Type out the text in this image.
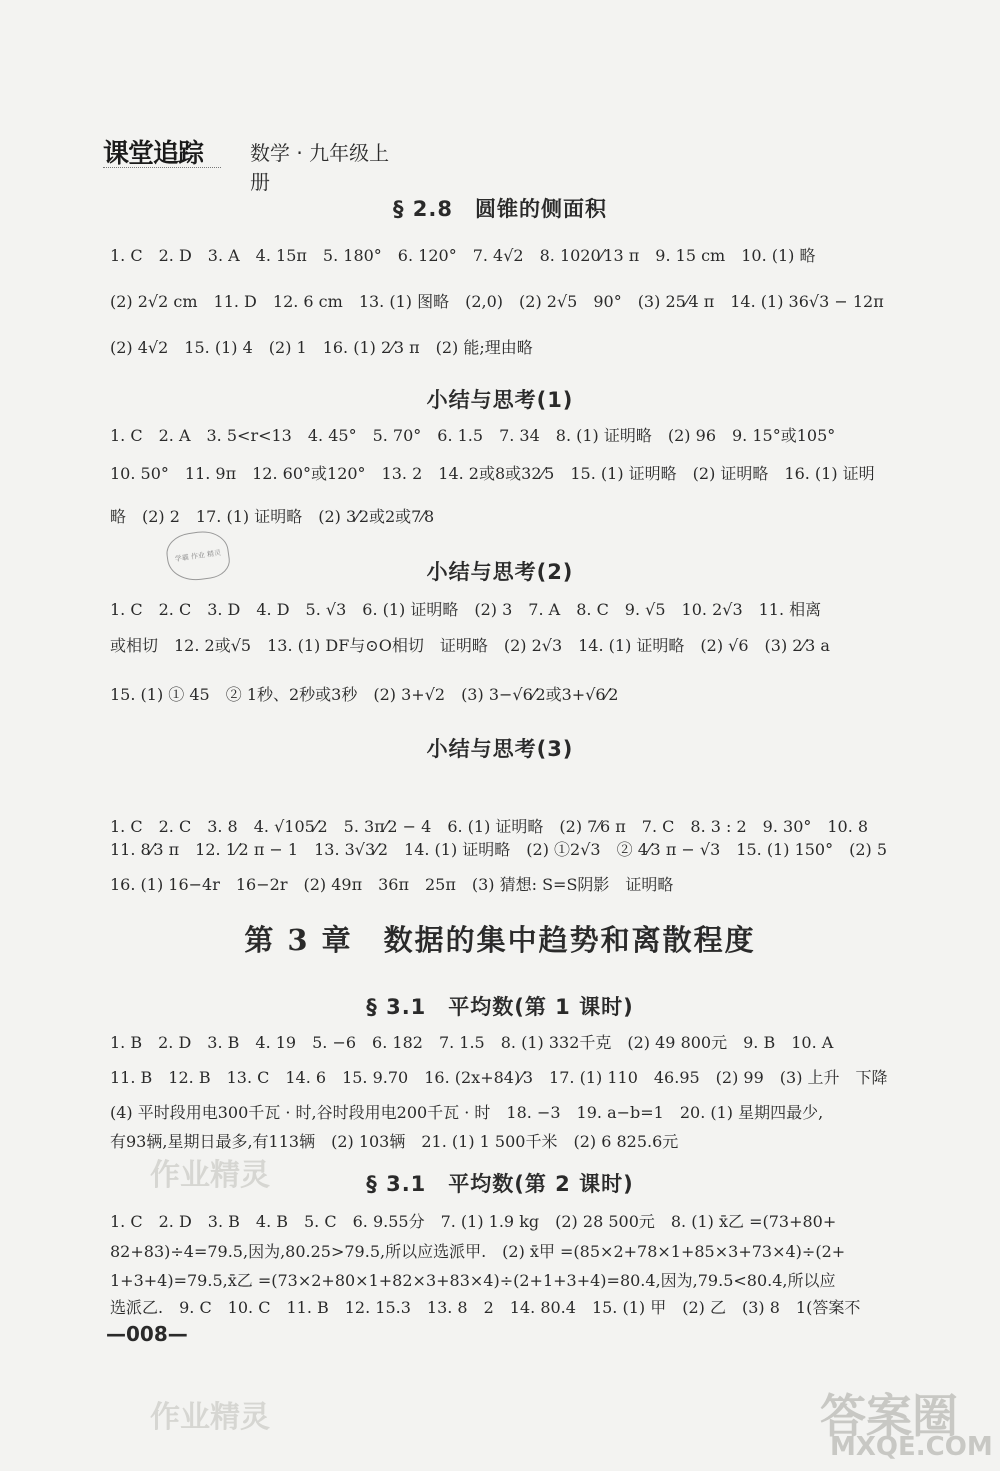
课堂追踪 数学 · 九年级上册
§ 2.8　圆锥的侧面积
1. C　2. D　3. A　4. 15π　5. 180°　6. 120°　7. 4√2　8. 1020⁄13 π　9. 15 cm　10. (1) 略
(2) 2√2 cm　11. D　12. 6 cm　13. (1) 图略　(2,0)　(2) 2√5　90°　(3) 25⁄4 π　14. (1) 36√3 − 12π
(2) 4√2　15. (1) 4　(2) 1　16. (1) 2⁄3 π　(2) 能;理由略
小结与思考(1)
1. C　2. A　3. 5<r<13　4. 45°　5. 70°　6. 1.5　7. 34　8. (1) 证明略　(2) 96　9. 15°或105°
10. 50°　11. 9π　12. 60°或120°　13. 2　14. 2或8或32⁄5　15. (1) 证明略　(2) 证明略　16. (1) 证明
略　(2) 2　17. (1) 证明略　(2) 3⁄2或2或7⁄8
学霸 作业 精灵
小结与思考(2)
1. C　2. C　3. D　4. D　5. √3　6. (1) 证明略　(2) 3　7. A　8. C　9. √5　10. 2√3　11. 相离
或相切　12. 2或√5　13. (1) DF与⊙O相切　证明略　(2) 2√3　14. (1) 证明略　(2) √6　(3) 2⁄3 a
15. (1) ① 45　② 1秒、2秒或3秒　(2) 3+√2　(3) 3−√6⁄2或3+√6⁄2
小结与思考(3)
1. C　2. C　3. 8　4. √105⁄2　5. 3π⁄2 − 4　6. (1) 证明略　(2) 7⁄6 π　7. C　8. 3 : 2　9. 30°　10. 8
11. 8⁄3 π　12. 1⁄2 π − 1　13. 3√3⁄2　14. (1) 证明略　(2) ①2√3　② 4⁄3 π − √3　15. (1) 150°　(2) 5
16. (1) 16−4r　16−2r　(2) 49π　36π　25π　(3) 猜想: S=S阴影　证明略
第 3 章　数据的集中趋势和离散程度
§ 3.1　平均数(第 1 课时)
1. B　2. D　3. B　4. 19　5. −6　6. 182　7. 1.5　8. (1) 332千克　(2) 49 800元　9. B　10. A
11. B　12. B　13. C　14. 6　15. 9.70　16. (2x+84)⁄3　17. (1) 110　46.95　(2) 99　(3) 上升　下降
(4) 平时段用电300千瓦 · 时,谷时段用电200千瓦 · 时　18. −3　19. a−b=1　20. (1) 星期四最少,
有93辆,星期日最多,有113辆　(2) 103辆　21. (1) 1 500千米　(2) 6 825.6元
§ 3.1　平均数(第 2 课时)
1. C　2. D　3. B　4. B　5. C　6. 9.55分　7. (1) 1.9 kg　(2) 28 500元　8. (1) x̄乙 =(73+80+
82+83)÷4=79.5,因为,80.25>79.5,所以应选派甲.　(2) x̄甲 =(85×2+78×1+85×3+73×4)÷(2+
1+3+4)=79.5,x̄乙 =(73×2+80×1+82×3+83×4)÷(2+1+3+4)=80.4,因为,79.5<80.4,所以应
选派乙.　9. C　10. C　11. B　12. 15.3　13. 8　2　14. 80.4　15. (1) 甲　(2) 乙　(3) 8　1(答案不
—008—
作业精灵
作业精灵	答案圈
MXQE.COM
